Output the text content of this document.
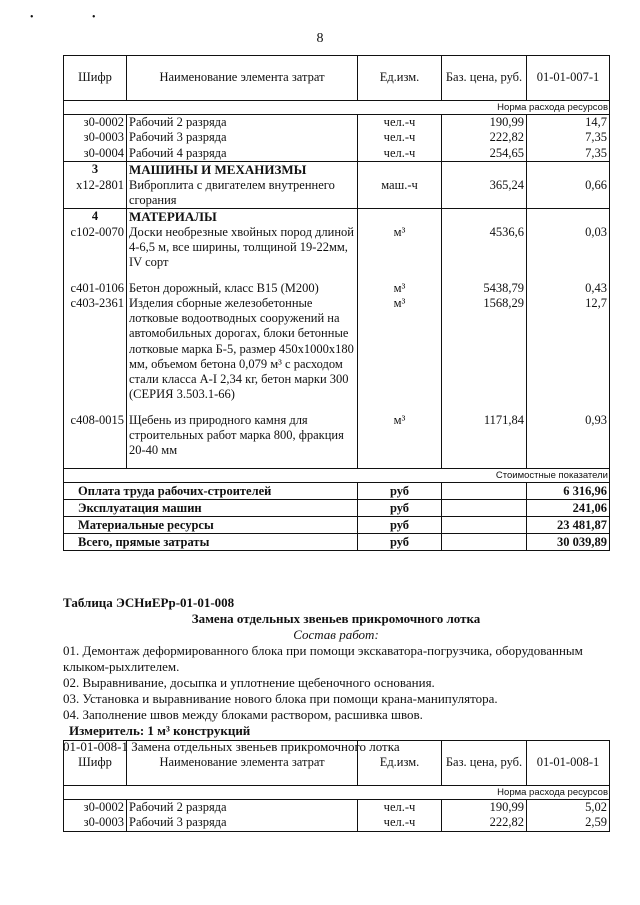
• •
8
Шифр	Наименование элемента затрат	Ед.изм.	Баз. цена, руб.	01-01-007-1
Норма расхода ресурсов				
з0-0002	Рабочий 2 разряда	чел.-ч	190,99	14,7
з0-0003	Рабочий 3 разряда	чел.-ч	222,82	7,35
з0-0004	Рабочий 4 разряда	чел.-ч	254,65	7,35
3	МАШИНЫ И МЕХАНИЗМЫ			
х12-2801	Виброплита с двигателем внутреннего сгорания	маш.-ч	365,24	0,66
4	МАТЕРИАЛЫ			
с102-0070	Доски необрезные хвойных пород длиной 4-6,5 м, все ширины, толщиной 19-22мм, IV сорт	м³	4536,6	0,03

с401-0106	Бетон дорожный, класс В15 (М200)	м³	5438,79	0,43
с403-2361	Изделия сборные железобетонные лотковые водоотводных сооружений на автомобильных дорогах, блоки бетонные лотковые марка Б-5, размер 450х1000х180 мм, объемом бетона 0,079 м³ с расходом стали класса А-I 2,34 кг, бетон марки 300 (СЕРИЯ 3.503.1-66)	м³	1568,29	12,7

с408-0015	Щебень из природного камня для строительных работ марка 800, фракция 20-40 мм	м³	1171,84	0,93

Стоимостные показатели				
Оплата труда рабочих-строителей		руб		6 316,96
Эксплуатация машин		руб		241,06
Материальные ресурсы		руб		23 481,87
Всего, прямые затраты		руб		30 039,89
Таблица ЭСНиЕРр-01-01-008
Замена отдельных звеньев прикромочного лотка
Состав работ:
01. Демонтаж деформированного блока при помощи экскаватора-погрузчика, оборудованным клыком-рыхлителем.
02. Выравнивание, досыпка и уплотнение щебеночного основания.
03. Установка и выравнивание нового блока при помощи крана-манипулятора.
04. Заполнение швов между блоками раствором, расшивка швов.
Измеритель: 1 м³ конструкций
01-01-008-1 Замена отдельных звеньев прикромочного лотка
Шифр	Наименование элемента затрат	Ед.изм.	Баз. цена, руб.	01-01-008-1
Норма расхода ресурсов				
з0-0002	Рабочий 2 разряда	чел.-ч	190,99	5,02
з0-0003	Рабочий 3 разряда	чел.-ч	222,82	2,59
